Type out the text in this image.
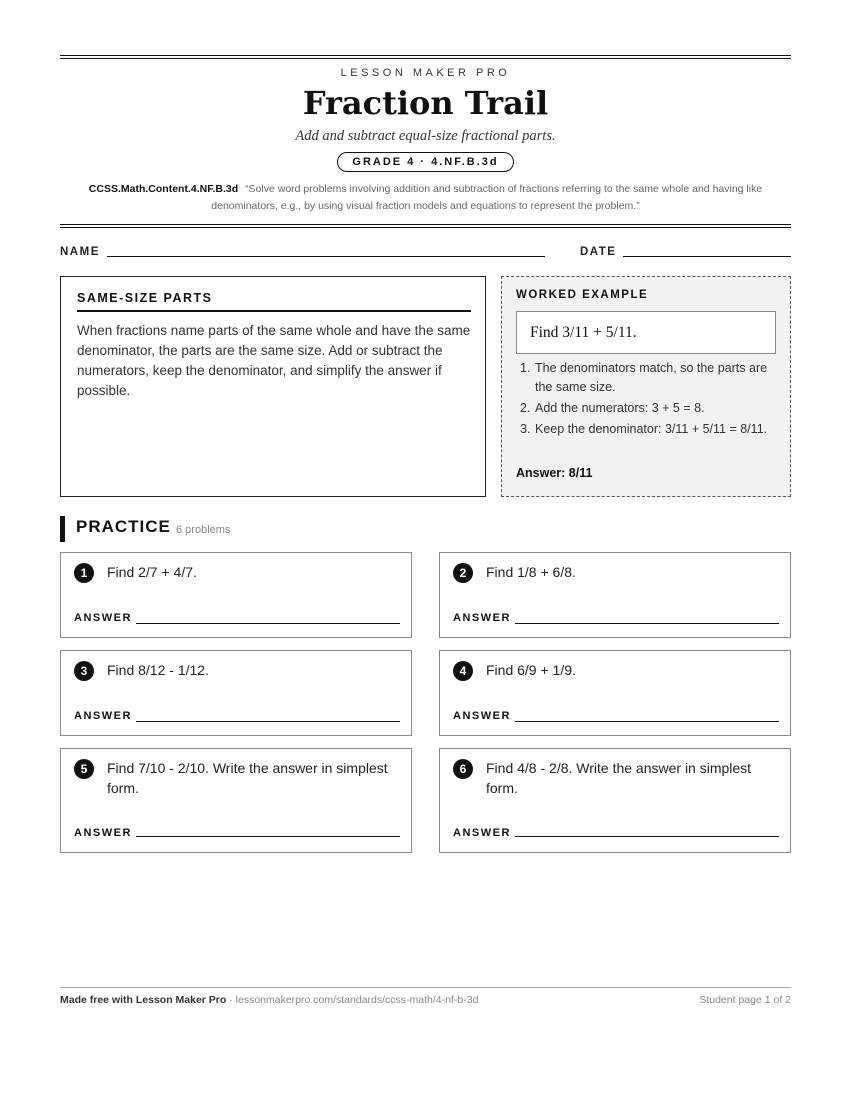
LESSON MAKER PRO
Fraction Trail
Add and subtract equal-size fractional parts.
GRADE 4 · 4.NF.B.3d
CCSS.Math.Content.4.NF.B.3d “Solve word problems involving addition and subtraction of fractions referring to the same whole and having like denominators, e.g., by using visual fraction models and equations to represent the problem.”
NAME	DATE
SAME-SIZE PARTS
When fractions name parts of the same whole and have the same denominator, the parts are the same size. Add or subtract the numerators, keep the denominator, and simplify the answer if possible.
WORKED EXAMPLE
Find 3/11 + 5/11.
1. The denominators match, so the parts are the same size.
2. Add the numerators: 3 + 5 = 8.
3. Keep the denominator: 3/11 + 5/11 = 8/11.
Answer: 8/11
PRACTICE 6 problems
1	Find 2/7 + 4/7.
ANSWER
2	Find 1/8 + 6/8.
ANSWER
3	Find 8/12 - 1/12.
ANSWER
4	Find 6/9 + 1/9.
ANSWER
5	Find 7/10 - 2/10. Write the answer in simplest form.
ANSWER
6	Find 4/8 - 2/8. Write the answer in simplest form.
ANSWER
Made free with Lesson Maker Pro · lessonmakerpro.com/standards/ccss-math/4-nf-b-3d	Student page 1 of 2
